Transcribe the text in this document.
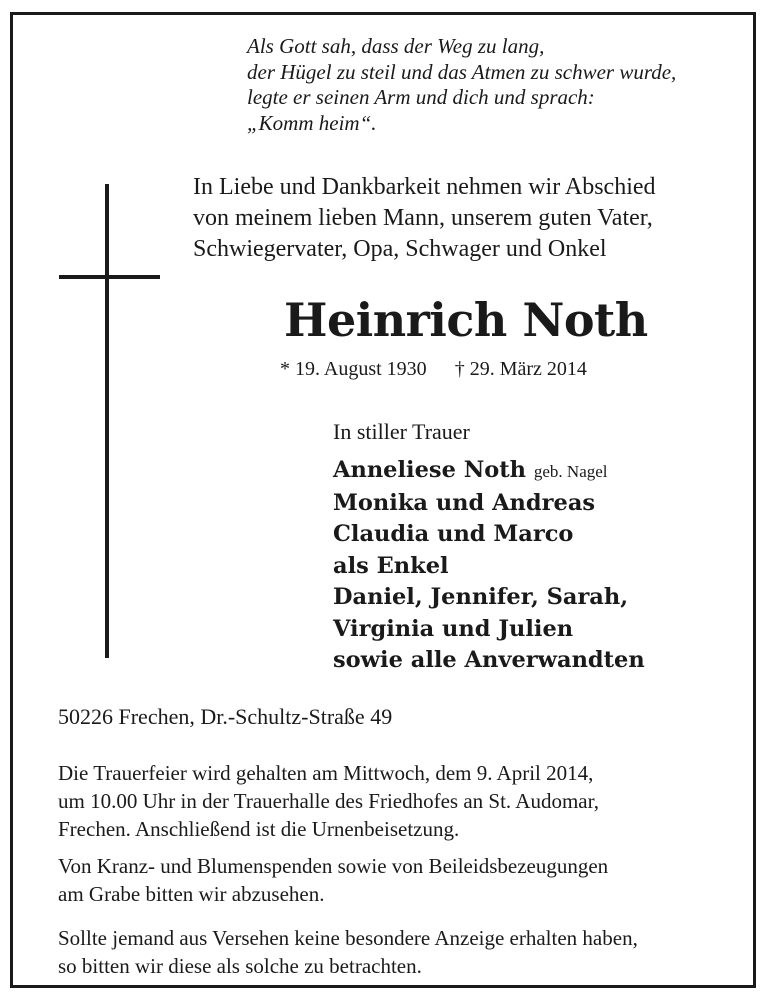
Als Gott sah, dass der Weg zu lang,
der Hügel zu steil und das Atmen zu schwer wurde,
legte er seinen Arm und dich und sprach:
„Komm heim“.
In Liebe und Dankbarkeit nehmen wir Abschied
von meinem lieben Mann, unserem guten Vater,
Schwiegervater, Opa, Schwager und Onkel
Heinrich Noth
* 19. August 1930 † 29. März 2014
In stiller Trauer
Anneliese Noth geb. Nagel
Monika und Andreas
Claudia und Marco
als Enkel
Daniel, Jennifer, Sarah,
Virginia und Julien
sowie alle Anverwandten
50226 Frechen, Dr.-Schultz-Straße 49
Die Trauerfeier wird gehalten am Mittwoch, dem 9. April 2014,
um 10.00 Uhr in der Trauerhalle des Friedhofes an St. Audomar,
Frechen. Anschließend ist die Urnenbeisetzung.
Von Kranz- und Blumenspenden sowie von Beileidsbezeugungen
am Grabe bitten wir abzusehen.
Sollte jemand aus Versehen keine besondere Anzeige erhalten haben,
so bitten wir diese als solche zu betrachten.
